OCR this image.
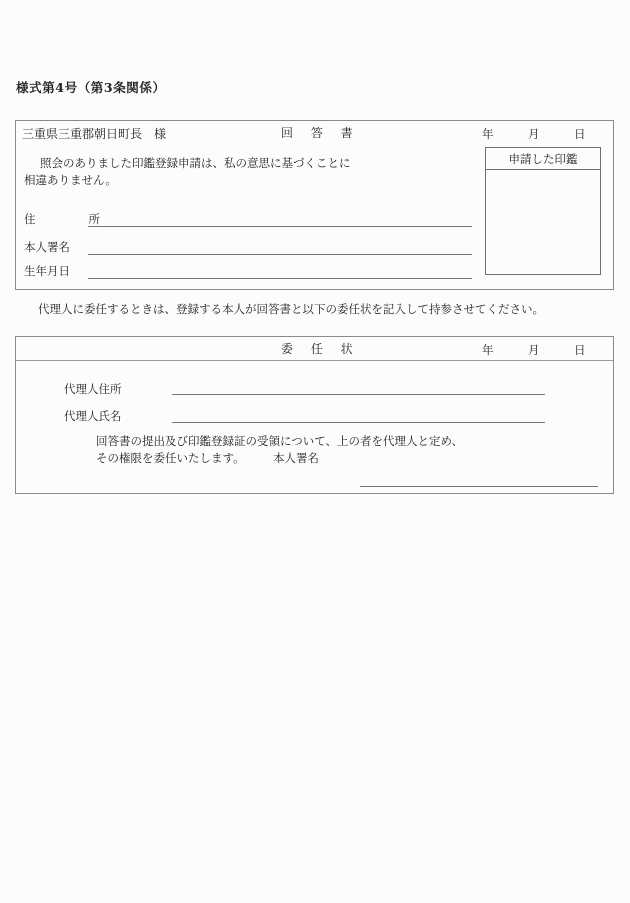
様式第4号（第3条関係）
三重県三重郡朝日町長　様	回 答 書	年	月	日
照会のありました印鑑登録申請は、私の意思に基づくことに
相違ありません。
住　　所
本人署名
生年月日
申請した印鑑
代理人に委任するときは、登録する本人が回答書と以下の委任状を記入して持参させてください。
委 任 状	年	月	日
代理人住所
代理人氏名
回答書の提出及び印鑑登録証の受領について、上の者を代理人と定め、
その権限を委任いたします。 本人署名
